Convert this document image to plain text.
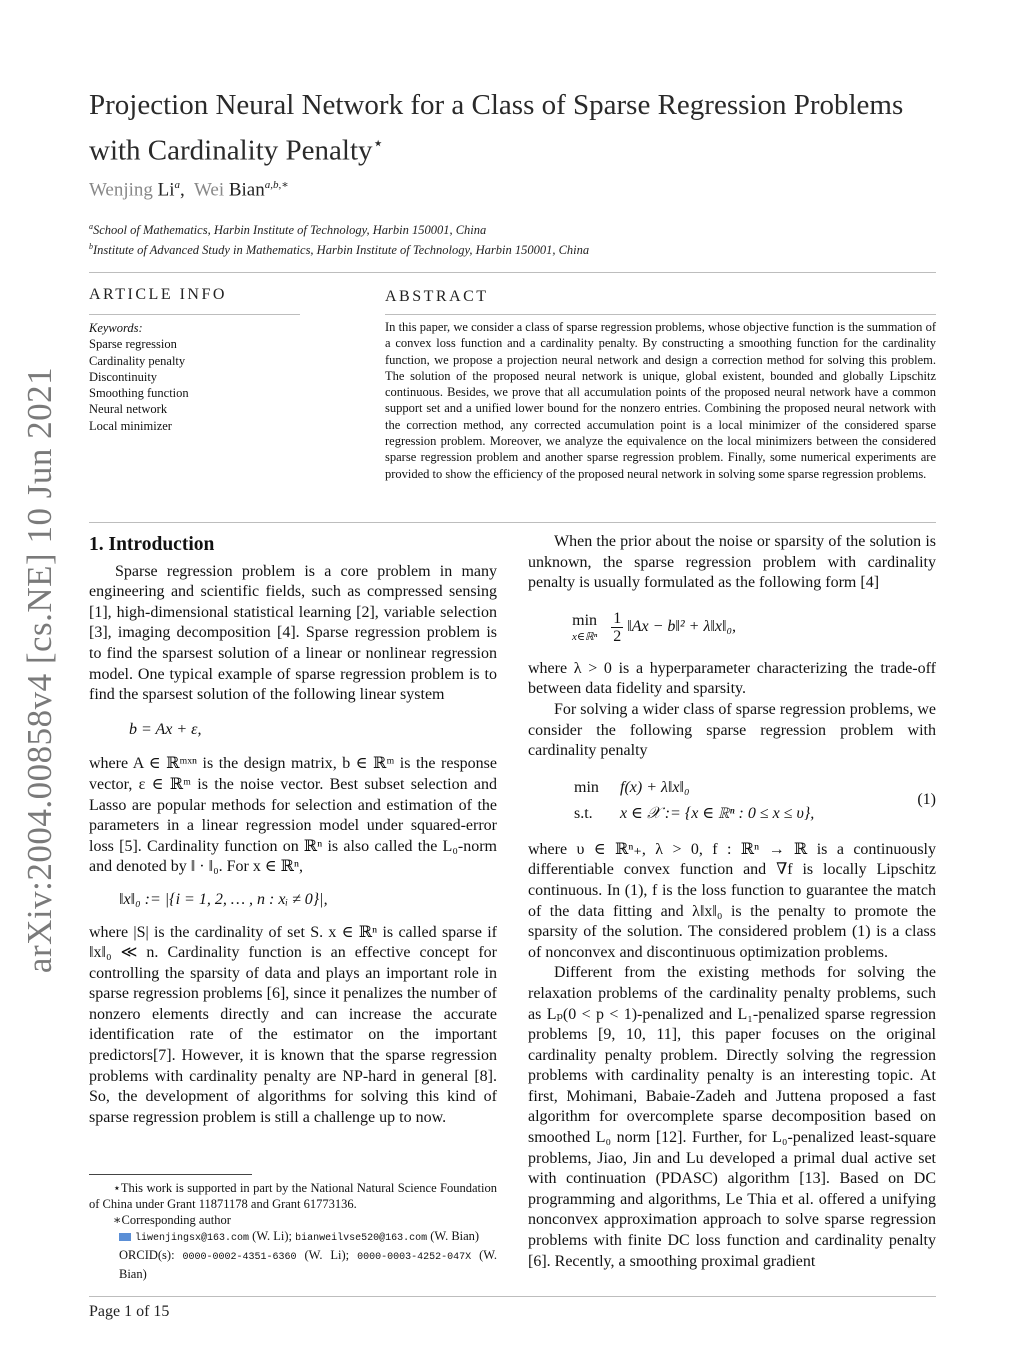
arXiv:2004.00858v4 [cs.NE] 10 Jun 2021
Projection Neural Network for a Class of Sparse Regression Problems
with Cardinality Penalty⋆
Wenjing Li$^a$, Wei Bian$^{a,b,∗}$
$^a$School of Mathematics, Harbin Institute of Technology, Harbin 150001, China
$^b$Institute of Advanced Study in Mathematics, Harbin Institute of Technology, Harbin 150001, China
ARTICLE INFO
Keywords:
Sparse regression
Cardinality penalty
Discontinuity
Smoothing function
Neural network
Local minimizer
ABSTRACT
In this paper, we consider a class of sparse regression problems, whose objective function is the summation of a convex loss function and a cardinality penalty. By constructing a smoothing function for the cardinality function, we propose a projection neural network and design a correction method for solving this problem. The solution of the proposed neural network is unique, global existent, bounded and globally Lipschitz continuous. Besides, we prove that all accumulation points of the proposed neural network have a common support set and a unified lower bound for the nonzero entries. Combining the proposed neural network with the correction method, any corrected accumulation point is a local minimizer of the considered sparse regression problem. Moreover, we analyze the equivalence on the local minimizers between the considered sparse regression problem and another sparse regression problem. Finally, some numerical experiments are provided to show the efficiency of the proposed neural network in solving some sparse regression problems.
1. Introduction

Sparse regression problem is a core problem in many engineering and scientific fields, such as compressed sensing [1], high-dimensional statistical learning [2], variable selection [3], imaging decomposition [4]. Sparse regression problem is to find the sparsest solution of a linear or nonlinear regression model. One typical example of sparse regression problem is to find the sparsest solution of the following linear system

b = Ax + ε,

where A ∈ ℝᵐˣⁿ is the design matrix, b ∈ ℝᵐ is the response vector, ε ∈ ℝᵐ is the noise vector. Best subset selection and Lasso are popular methods for selection and estimation of the parameters in a linear regression model under squared-error loss [5]. Cardinality function on ℝⁿ is also called the L₀-norm and denoted by ‖ · ‖₀. For x ∈ ℝⁿ,

‖x‖₀ := |{i = 1, 2, … , n : xᵢ ≠ 0}|,

where |S| is the cardinality of set S. x ∈ ℝⁿ is called sparse if ‖x‖₀ ≪ n. Cardinality function is an effective concept for controlling the sparsity of data and plays an important role in sparse regression problems [6], since it penalizes the number of nonzero elements directly and can increase the accurate identification rate of the estimator on the important predictors[7]. However, it is known that the sparse regression problems with cardinality penalty are NP-hard in general [8]. So, the development of algorithms for solving this kind of sparse regression problem is still a challenge up to now.

⋆This work is supported in part by the National Natural Science Foundation of China under Grant 11871178 and Grant 61773136.
∗Corresponding author
liwenjingsx@163.com (W. Li); bianweilvse520@163.com (W. Bian)
ORCID(s): 0000-0002-4351-6360 (W. Li); 0000-0003-4252-047X (W. Bian)

When the prior about the noise or sparsity of the solution is unknown, the sparse regression problem with cardinality penalty is usually formulated as the following form [4]

min
x∈ℝⁿ $\frac{1}{2}$ ‖Ax − b‖² + λ‖x‖₀,

where λ > 0 is a hyperparameter characterizing the trade-off between data fidelity and sparsity.

For solving a wider class of sparse regression problems, we consider the following sparse regression problem with cardinality penalty

min f(x) + λ‖x‖₀
s.t. x ∈ 𝒳 := {x ∈ ℝⁿ : 0 ≤ x ≤ υ},
(1)

where υ ∈ ℝⁿ₊, λ > 0, f : ℝⁿ → ℝ is a continuously differentiable convex function and ∇f is locally Lipschitz continuous. In (1), f is the loss function to guarantee the match of the data fitting and λ‖x‖₀ is the penalty to promote the sparsity of the solution. The considered problem (1) is a class of nonconvex and discontinuous optimization problems.

Different from the existing methods for solving the relaxation problems of the cardinality penalty problems, such as Lₚ(0 < p < 1)-penalized and L₁-penalized sparse regression problems [9, 10, 11], this paper focuses on the original cardinality penalty problem. Directly solving the regression problems with cardinality penalty is an interesting topic. At first, Mohimani, Babaie-Zadeh and Juttena proposed a fast algorithm for overcomplete sparse decomposition based on smoothed L₀ norm [12]. Further, for L₀-penalized least-square problems, Jiao, Jin and Lu developed a primal dual active set with continuation (PDASC) algorithm [13]. Based on DC programming and algorithms, Le Thia et al. offered a unifying nonconvex approximation approach to solve sparse regression problems with finite DC loss function and cardinality penalty [6]. Recently, a smoothing proximal gradient

Page 1 of 15
